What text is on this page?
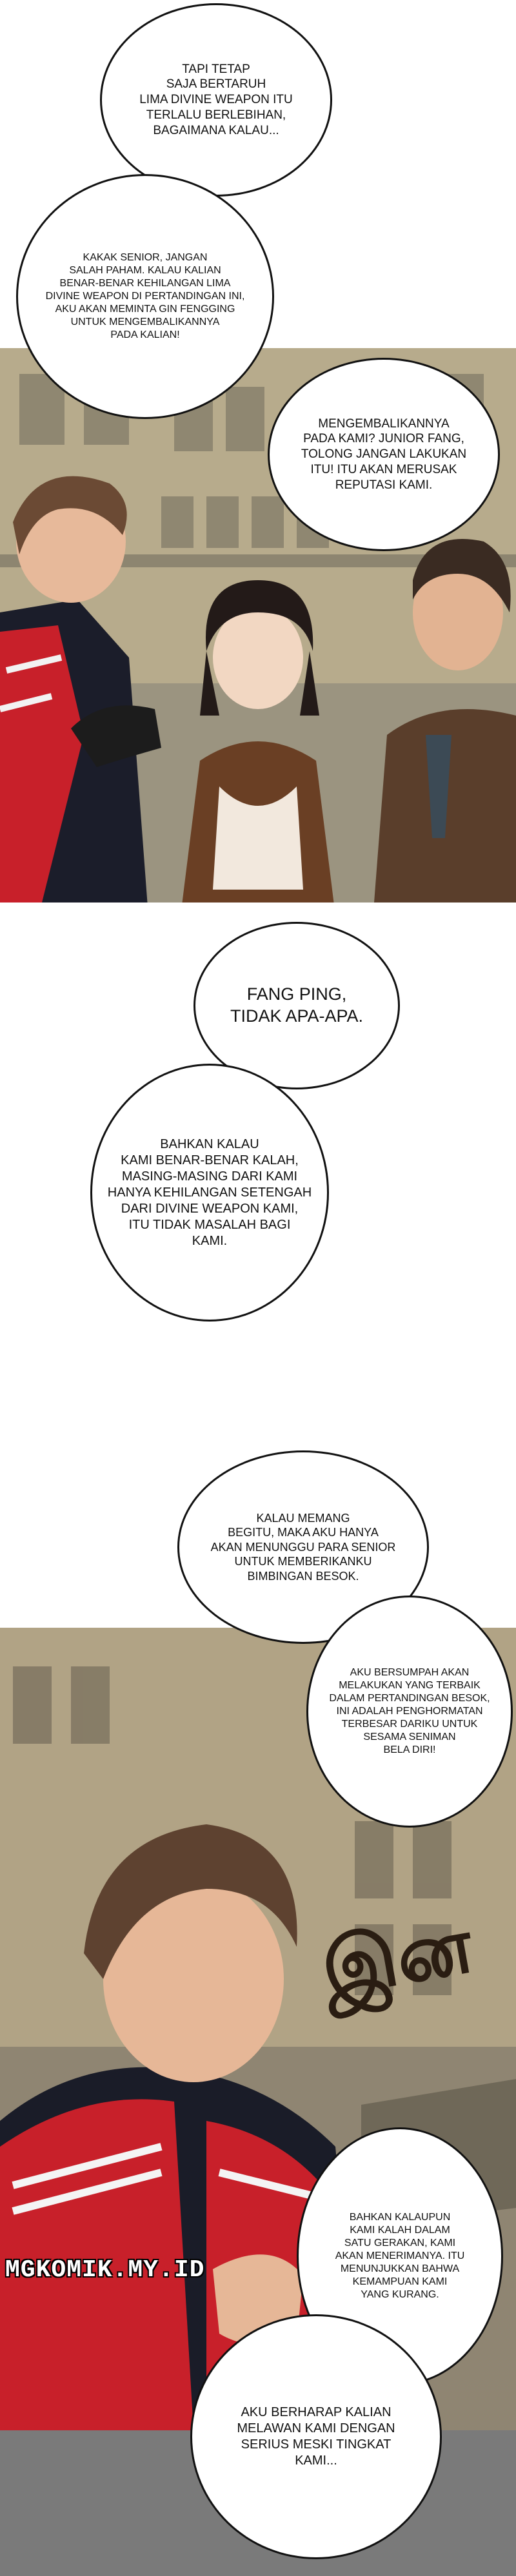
இன
MGKOMIK.MY.ID
TAPI TETAP
SAJA BERTARUH
LIMA DIVINE WEAPON ITU
TERLALU BERLEBIHAN,
BAGAIMANA KALAU...
KAKAK SENIOR, JANGAN
SALAH PAHAM. KALAU KALIAN
BENAR-BENAR KEHILANGAN LIMA
DIVINE WEAPON DI PERTANDINGAN INI,
AKU AKAN MEMINTA GIN FENGGING
UNTUK MENGEMBALIKANNYA
PADA KALIAN!
MENGEMBALIKANNYA
PADA KAMI? JUNIOR FANG,
TOLONG JANGAN LAKUKAN
ITU! ITU AKAN MERUSAK
REPUTASI KAMI.
FANG PING,
TIDAK APA-APA.
BAHKAN KALAU
KAMI BENAR-BENAR KALAH,
MASING-MASING DARI KAMI
HANYA KEHILANGAN SETENGAH
DARI DIVINE WEAPON KAMI,
ITU TIDAK MASALAH BAGI
KAMI.
KALAU MEMANG
BEGITU, MAKA AKU HANYA
AKAN MENUNGGU PARA SENIOR
UNTUK MEMBERIKANKU
BIMBINGAN BESOK.
AKU BERSUMPAH AKAN
MELAKUKAN YANG TERBAIK
DALAM PERTANDINGAN BESOK,
INI ADALAH PENGHORMATAN
TERBESAR DARIKU UNTUK
SESAMA SENIMAN
BELA DIRI!
BAHKAN KALAUPUN
KAMI KALAH DALAM
SATU GERAKAN, KAMI
AKAN MENERIMANYA. ITU
MENUNJUKKAN BAHWA
KEMAMPUAN KAMI
YANG KURANG.
AKU BERHARAP KALIAN
MELAWAN KAMI DENGAN
SERIUS MESKI TINGKAT
KAMI...
